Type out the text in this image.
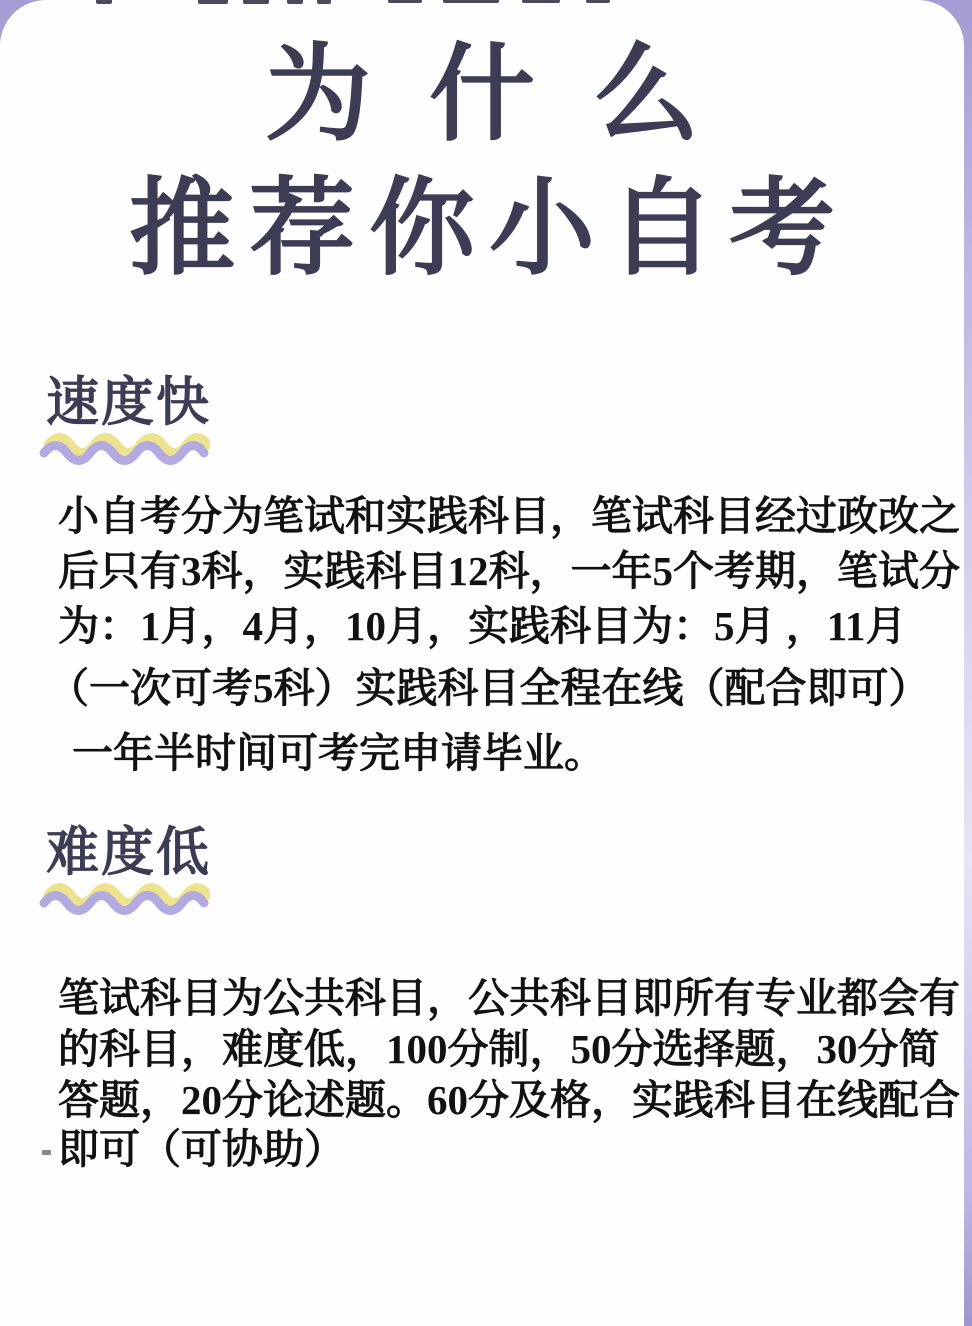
为什么
推荐你小自考
速度快
小自考分为笔试和实践科目，笔试科目经过政改之
后只有3科，实践科目12科，一年5个考期，笔试分
为：1月，4月，10月，实践科目为：5月 ，11月
（一次可考5科）实践科目全程在线（配合即可）
一年半时间可考完申请毕业。
难度低
笔试科目为公共科目，公共科目即所有专业都会有
的科目，难度低，100分制，50分选择题，30分简
答题，20分论述题。60分及格，实践科目在线配合
即可（可协助）
